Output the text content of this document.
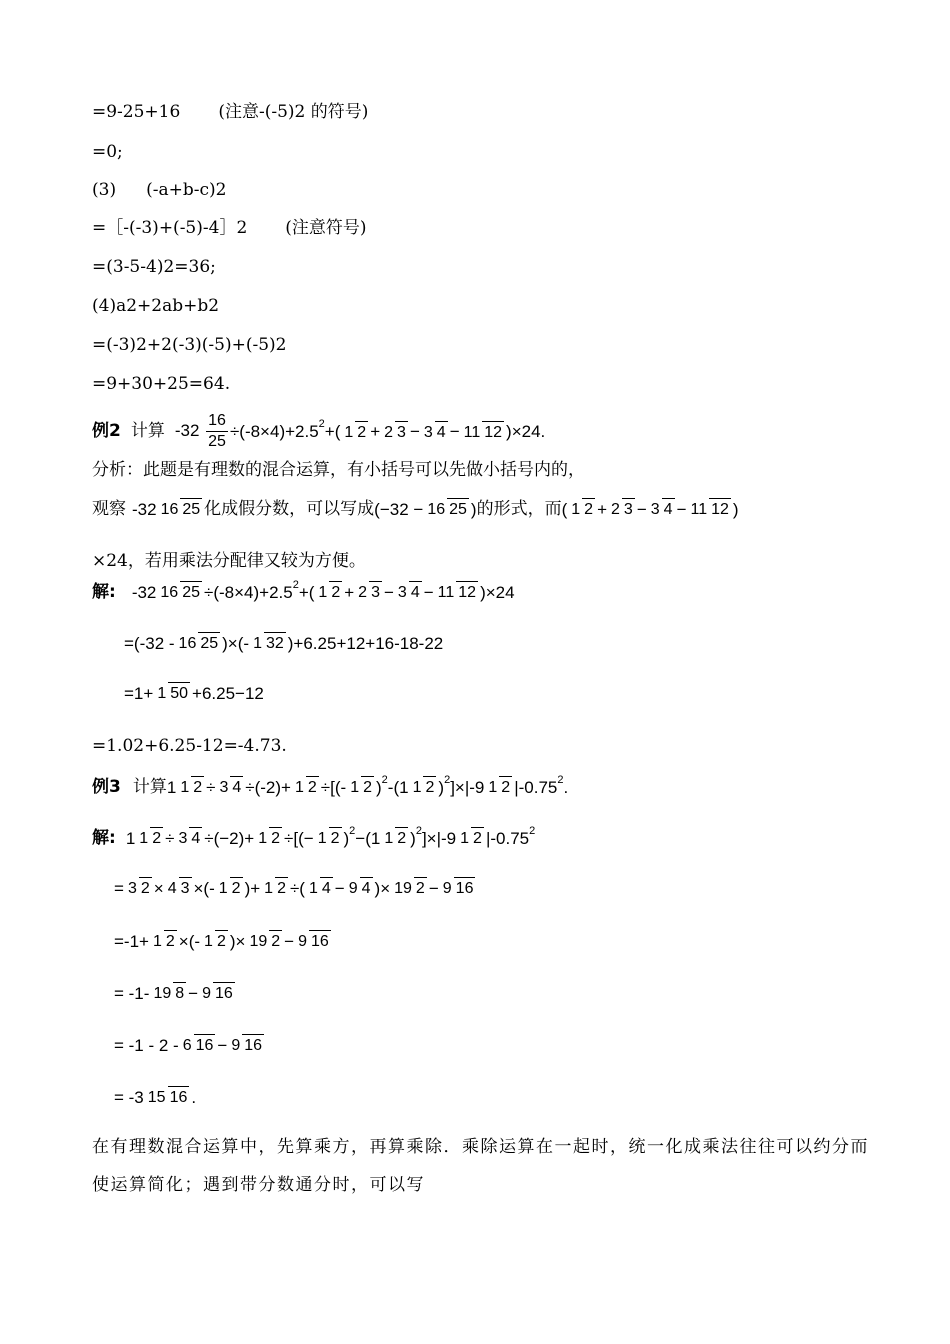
=9-25+16 (注意-(-5)2 的符号)
=0;
(3) (-a+b-c)2
=［-(-3)+(-5)-4］2 (注意符号)
=(3-5-4)2=36;
(4)a2+2ab+b2
=(-3)2+2(-3)(-5)+(-5)2
=9+30+25=64.
例2 计算 $-32 \frac{16}{25} \div(-8\times 4)+2.5^2$ +( 1 2 + 2 3 − 3 4 − 11 12 )×24.
分析：此题是有理数的混合运算，有小括号可以先做小括号内的，
观察 -32 16 25 化成假分数，可以写成 (−32 − 16 25 ) 的形式，而 ( 1 2 + 2 3 − 3 4 − 11 12 )
×24，若用乘法分配律又较为方便。
解: -32 16 $25 \div(-8\times 4)+2.5^2$ +( 1 2 + 2 3 − 3 4 − 11 12 )×24
=(-32 - 16 25 )×(- 1 32 )+6.25+12+16-18-22
=1+ 1 50 +6.25−12
=1.02+6.25-12=-4.73.
例3 计算 1 1 2 ÷ 3 4 ÷(-2)+ 1 2 ÷[(- 1 2 )$^2$ -(1 1 2 )$^2$ ]×|-9 1 2 |-0.75$^2$ .
解: 1 1 2 ÷ 3 4 ÷(−2)+ 1 2 ÷[(− 1 2 )$^2$ −(1 1 2 )$^2$ ]×|-9 1 2 $|-0.75^2$
= 3 2 × 4 3 ×(- 1 2 )+ 1 2 ÷( 1 4 − 9 4 )× 19 2 − 9 16
=-1+ 1 2 ×(- 1 2 )× 19 2 − 9 16
= -1- 19 8 − 9 16
= -1 - 2 - 6 16 − 9 16
= -3 15 16 .
在有理数混合运算中，先算乘方，再算乘除．乘除运算在一起时，统一化成乘法往往可以约分而使运算简化；遇到带分数通分时，可以写
